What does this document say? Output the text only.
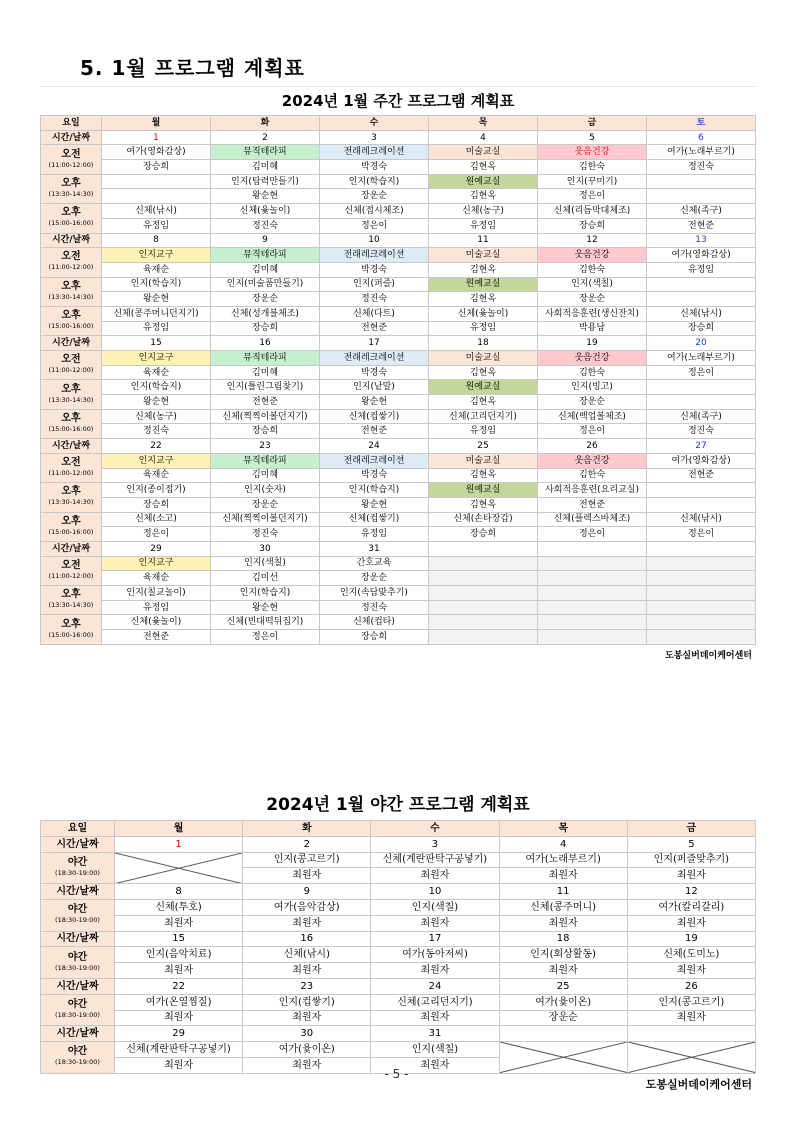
5. 1월 프로그램 계획표
2024년 1월 주간 프로그램 계획표
요일	월	화	수	목	금	토
시간/날짜	1	2	3	4	5	6

오전
(11:00-12:00)	여가(영화감상)	뮤직테라피	전래레크레이션	미술교실	웃음건강	여가(노래부르기)
	장승희	김미혜	박경숙	김현옥	김한숙	정진숙

오후
(13:30-14:30)		인지(탑력만들기)	인지(학습지)	원예교실	인지(꾸미기)	
		왕순현	장운순	김현옥	정은이	

오후
(15:00-16:00)	신체(낚시)	신체(윷놀이)	신체(접시체조)	신체(농구)	신체(리듬막대체조)	신체(족구)
	유정임	정진숙	정은이	유정임	장승희	전현준
시간/날짜	8	9	10	11	12	13

오전
(11:00-12:00)	인지교구	뮤직테라피	전래레크레이션	미술교실	웃음건강	여가(영화감상)
	육재순	김미혜	박경숙	김현옥	김한숙	유정임

오후
(13:30-14:30)	인지(학습지)	인지(미술품만들기)	인지(퍼즐)	원예교실	인지(색칠)	
	왕순현	장운순	정진숙	김현옥	장운순	

오후
(15:00-16:00)	신체(콩주머니던지기)	신체(성개블체조)	신체(다트)	신체(윷놀이)	사회적응훈련(생신잔치)	신체(낚시)
	유정임	장승희	전현준	유정임	박용남	장승희
시간/날짜	15	16	17	18	19	20

오전
(11:00-12:00)	인지교구	뮤직테라피	전래레크레이션	미술교실	웃음건강	여가(노래부르기)
	육재순	김미혜	박경숙	김현옥	김한숙	정은이

오후
(13:30-14:30)	인지(학습지)	인지(틀린그림찾기)	인지(낱말)	원예교실	인지(빙고)	
	왕순현	전현준	왕순현	김현옥	장운순	

오후
(15:00-16:00)	신체(농구)	신체(찍찍이볼던지기)	신체(컵쌓기)	신체(고리던지기)	신체(백업볼체조)	신체(족구)
	정진숙	장승희	전현준	유정임	정은이	정진숙
시간/날짜	22	23	24	25	26	27

오전
(11:00-12:00)	인지교구	뮤직테라피	전래레크레이션	미술교실	웃음건강	여가(영화감상)
	육재순	김미혜	박경숙	김현옥	김한숙	전현준

오후
(13:30-14:30)	인지(종이접기)	인지(숫자)	인지(학습지)	원예교실	사회적응훈련(요리교실)	
	장승희	장운순	왕순현	김현옥	전현준	

오후
(15:00-16:00)	신체(소고)	신체(찍찍이볼던지기)	신체(컵쌓기)	신체(손타장갑)	신체(플렉스바체조)	신체(낚시)
	정은이	정진숙	유정임	장승희	정은이	정은이
시간/날짜	29	30	31			

오전
(11:00-12:00)	인지교구	인지(색칠)	간호교육			
	육재순	김미선	장운순			

오후
(13:30-14:30)	인지(칠교놀이)	인지(학습지)	인지(속담맞추기)			
	유정임	왕순현	정진숙			

오후
(15:00-16:00)	신체(윷놀이)	신체(빈대떡뒤집기)	신체(컵타)			
	전현준	정은이	장승희			
도봉실버데이케어센터
2024년 1월 야간 프로그램 계획표
요일	월	화	수	목	금
시간/날짜	1	2	3	4	5

야간
(18:30-19:00)		인지(콩고르기)	신체(계란판탁구공넣기)	여가(노래부르기)	인지(퍼즐맞추기)
		최원자	최원자	최원자	최원자
시간/날짜	8	9	10	11	12

야간
(18:30-19:00)	신체(투호)	여가(음악감상)	인지(색칠)	신체(콩주머니)	여가(칼리갈리)
	최원자	최원자	최원자	최원자	최원자
시간/날짜	15	16	17	18	19

야간
(18:30-19:00)	인지(음악치료)	신체(낚시)	여가(동아저씨)	인지(회상활동)	신체(도미노)
	최원자	최원자	최원자	최원자	최원자
시간/날짜	22	23	24	25	26

야간
(18:30-19:00)	여가(온열찜질)	인지(컵쌓기)	신체(고리던지기)	여가(윷이온)	인지(콩고르기)
	최원자	최원자	최원자	장운순	최원자
시간/날짜	29	30	31		

야간
(18:30-19:00)	신체(계란판탁구공넣기)	여가(윷이온)	인지(색칠)	

	최원자	최원자	최원자		
도봉실버데이케어센터
- 5 -
